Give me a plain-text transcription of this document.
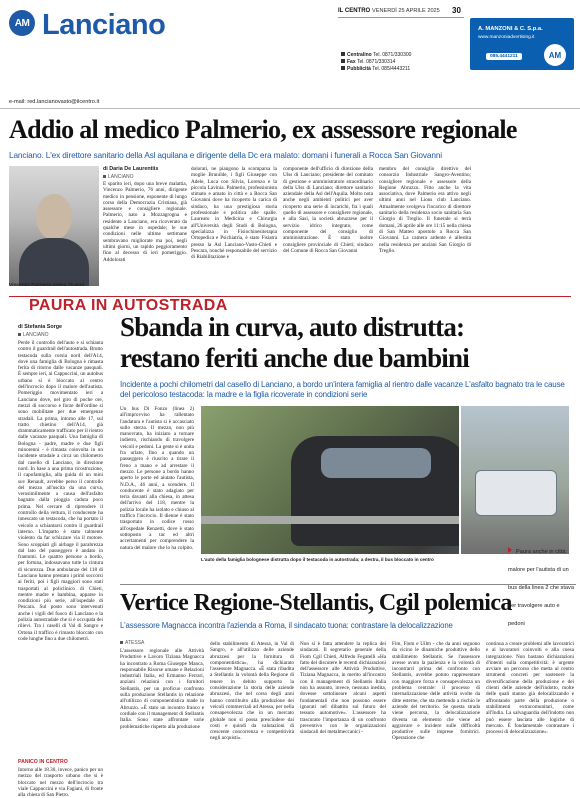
AM Lanciano	IL CENTRO VENERDÌ 25 APRILE 2025 30
Centralino Tel. 0871/330300
Fax Tel. 0871/330314
Pubblicità Tel. 085/4443211
A. MANZONI & C. S.p.a.
www.manzoniadvertising.it
085.4441211	AM
e-mail: red.lancianovasto@ilcentro.it
Addio al medico Palmerio, ex assessore regionale
Lanciano. L'ex direttore sanitario della Asl aquilana e dirigente della Dc era malato: domani i funerali a Rocca San Giovanni
Vincenzo Palmerio aveva 76 anni
di Daria De Laurentiis
LANCIANO
È sparito ieri, dopo una breve malattia, Vincenzo Palmerio, 76 anni, dirigente medico in pensione, esponente di lungo corso della Democrazia Cristiana, già assessore e consigliere regionale. Palmerio, nato a Mozzagrogna e residente a Lanciano, era ricoverato da qualche mese in ospedale; le sue condizioni nelle ultime settimane sembravano migliorate ma poi, negli ultimi giorni, un rapido peggioramento fino al decesso di ieri pomeriggio. Addolorati
dolorati, ne piangono la scomparsa la moglie Brunilde, i figli Giuseppe con Adele, Luca con Silvia, Lorenzo e la piccola Lavinia. Palmerio, professionista stimato e amato in città e a Rocca San Giovanni dove ha ricoperto la carica di sindaco, ha una prestigiosa storia professionale e politica alle spalle. Laureato in Medicina e Chirurgia all'Università degli Studi di Bologna, specializza in Fisiochinesiterapia Ortopedica e Psichiatria, è stato Fisiatra presso la Asl Lanciano-Vasto-Chieti e Pescara, nonché responsabile del servizio di Riabilitazione e
componente dell'ufficio di direzione della Ulss di Lanciano; presidente del comitato di gestione e amministratore straordinario della Ulss di Lanciano; direttore sanitario aziendale della Asl dell'Aquila. Molto nota anche negli ambienti politici per aver ricoperto una serie di incarichi, fra i quali quello di assessore e consigliere regionale, e alla Sasi, la società abruzzese per il servizio idrico integrato, come componente del consiglio di amministrazione. È stato inoltre consigliere provinciale di Chieti; sindaco del Comune di Rocca San Giovanni
membro del consiglio direttivo del consorzio Industriale Sangro-Aventino; consigliere regionale e assessore della Regione Abruzzo. Fitto anche la vita associativa, dove Palmerio era attivo negli ultimi anni nel Lions club Lanciano. Attualmente svolgeva l'incarico di direttore sanitario della residenza socio sanitaria San Giorgio di Treglio. Il funerale si terrà domani, 26 aprile alle ore 11:15 nella chiesa di San Matteo apostolo a Rocca San Giovanni. La camera ardente è allestita nella residenza per anziani San Giorgio di Treglio.
PAURA IN AUTOSTRADA
di Stefania Sorge
LANCIANO
Perde il controllo dell'auto e si schianta contro il guardrail dell'autostrada. Brutto testacoda sulla corsia nord dell'A14, dove una famiglia di Bologna è rimasta ferita di ritorno dalle vacanze pasquali. È sempre ieri, ai Cappuccini, un autobus urbano si è bloccato al centro dell'incrocio dopo il malore dell'autista. Pomeriggio movimentato ieri a Lanciano dove, nel giro di poche ore, mezzi di soccorso e forze dell'ordine si sono mobilitate per due emergenze stradali. La prima, intorno alle 17, sul tratto chietino dell'A14, già drammaticamente trafficato per il rientro dalle vacanze pasquali. Una famiglia di Bologna - padre, madre e due figli minorenni - è rimasta coinvolta in un incidente stradale a circa un chilometro dal casello di Lanciano, in direzione nord. In base a una prima ricostruzione, il capofamiglia, alla guida di un mini suv Renault, avrebbe perso il controllo del mezzo all'uscita da una curva, verosimilmente a causa dell'asfalto bagnato dalla pioggia caduta poco prima. Nel cercare di riprendere il controllo della vettura, il conducente ha innescato un testacoda, che ha portato il veicolo a schiantarsi contro il guardrail interno. L'impatto è stato talmente violento da far schizzare via il motore. Sono scoppiati gli airbage il parabrezza dal lato del passeggero è andato in frantumi. Le quattro persone a bordo, per fortuna, indossavano tutte la cintura di sicurezza. Due ambulanze del 118 di Lanciano hanno prestato i primi soccorsi ai feriti, poi i figli maggiori sono stati trasportati al policlinico di Chieti, mentre madre e bambina, apparse in condizioni più serie, all'ospedale di Pescara. Sul posto sono intervenuti anche i vigili del fuoco di Lanciano e la polizia autostradale che si è occupata dei rilievi. Tra i caselli di Val di Sangro e Ortona il traffico è rimasto bloccato con code lunghe fino a due chilometri.
PANICO IN CENTRO
Intorno alle 18.30, invece, panico per un mezzo del trasporto urbano che si è bloccato nel mezzo dell'incrocio tra viale Cappuccini e via Fagiani, di fronte alla chiesa di San Pietro.
Sbanda in curva, auto distrutta:
restano feriti anche due bambini
Incidente a pochi chilometri dal casello di Lanciano, a bordo un'intera famiglia al rientro dalle vacanze L'asfalto bagnato tra le cause del pericoloso testacoda: la madre e la figlia ricoverate in condizioni serie
Un bus Di Fonzo (linea 2) all'improvviso ha rallentato l'andatura e l'autista si è accasciato sullo sterzo. Il mezzo, non più manovrato, ha iniziato a tornare indietro, rischiando di travolgere veicoli e pedoni. La gente si è unita fra urlato, fino a quando un passeggero è riuscito a tirare il freno a mano e ad arrestare il mezzo. Le persone a bordo hanno aperto le porte ed aiutato l'autista, N.D.A., 46 anni, a scendere. Il conducente è stato adagiato per terra davanti alla chiesa, in attesa dell'arrivo del 118, mentre la polizia locale ha isolato e chiuso al traffico l'incrocio. Il dienne è stato trasportato in codice rosso all'ospedale Renzetti, dove è stato sottoposto a tac ed altri accertamenti per comprendere la natura del malore che lo ha colpito.
L'auto della famiglia bolognese distrutta dopo il testacoda in autostrada; a destra, il bus bloccato in centro
Paura anche in città: malore per l'autista di un bus della linea 2 che stava per travolgere auto e pedoni
Vertice Regione-Stellantis, Cgil polemica
L'assessore Magnacca incontra l'azienda a Roma, il sindacato tuona: contrastare la delocalizzazione
ATESSA
L'assessore regionale alle Attività Produttive e Lavoro Tiziana Magnacca ha incontrato a Roma Giuseppe Manca, responsabile Risorse umane e Relazioni industriali Italia, ed Ermanno Ferrari, anziani relazioni con i fornitori Stellantis, per un proficuo confronto sulla produzione Stellantis in relazione all'utilizzo di componentistica made in Abruzzo. «È stato un incontro franco e cordiale con il management di Stellantis Italia. Sono state affrontate varie problematiche rispetto alla produzione
dello stabilimento di Atessa, in Val di Sangro, e all'utilizzo delle aziende abruzzesi per la fornitura di componentistica», ha dichiarato l'assessore Magnacca. «È stata ribadita a Stellantis la volontà della Regione di tenere in debito supporto la considerazione la storia delle aziende abruzzesi, che nel corso degli anni hanno contribuito alla produzione dei veicoli commerciali ad Atessa, per nella consapevolezza che in un mercato globale non si possa prescindere dai costi e quindi da valutazioni di crescente concorrenza e competitività negli acquisti».
Non si è fatta attendere la replica dei sindacati. Il segretario generale della Fiom Cgil Chieti, Alfredo Fegatelli «Ha fatto del discutere le recenti dichiarazioni dell'assessore alle Attività Produttive, Tiziana Magnacca, in merito all'incontro con il management di Stellantis Italia non ha assunto, invece, nessuna inedita, dovesse sottolineare alcuni aspetti fondamentali che non possono essere ignorati nel dibattito sul futuro del tessuto automotive». L'assessore ha trascurato l'importanza di un confronto preventivo con le organizzazioni sindacali dei metalmeccanici -
Fim, Fiom e Uilm - che da anni seguono da vicino le dinamiche produttive dello stabilimento Stellantis. Se l'assessore avesse avuto la pazienza e la volontà di incontrarci prima del confronto con Stellantis, avrebbe potuto rappresentare con maggiore forza e consapevolezza un problema centrale: il processo di internalizzazione delle attività svolte da ditte esterne, che sta mettendo a rischio le aziende del territorio. Se questa strada viene percorsa, la delocalizzazione diventa un elemento che viene ad aggravare e incidere sulle difficoltà produttive sulle imprese fornitrici. Operazione che
continua a creare problemi alle lavoratrici e ai lavoratori coinvolti e alla coesa integrazione. Non bastano dichiarazioni d'intenti sulla competitività: è urgente avviare un percorso che metta al centro strumenti concreti per sostenere la diversificazione della produzione e dei clienti delle aziende dell'indotto, molte delle quali stanno già delocalizzando e affrontando parte della produzione o stabilimenti extracomunitari, come all'India. La salvaguardia dell'indotto non può essere lasciata alle logiche di mercato. È fondamentale contrastare i processi di delocalizzazione».
